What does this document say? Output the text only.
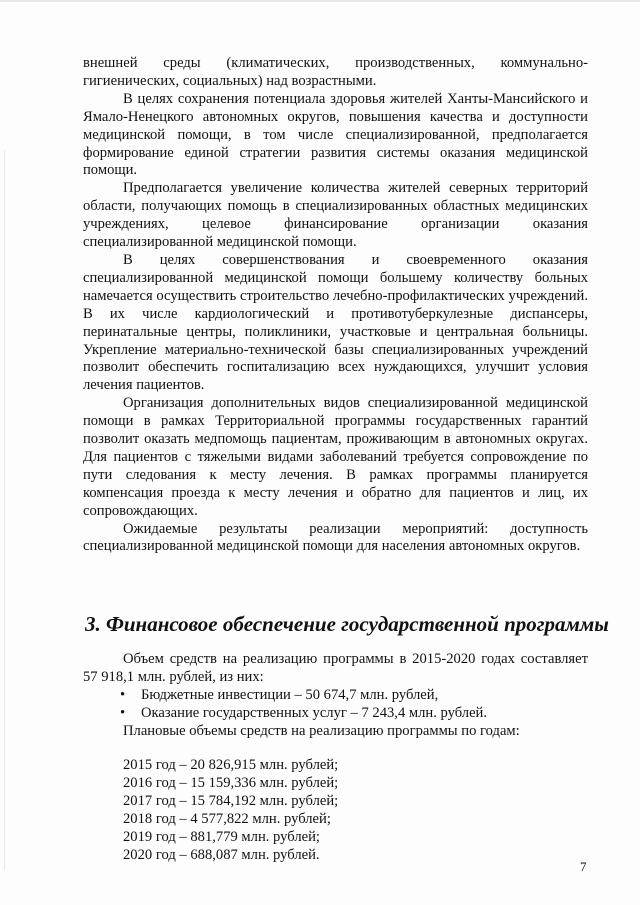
внешней среды (климатических, производственных, коммунально-гигиенических, социальных) над возрастными.

В целях сохранения потенциала здоровья жителей Ханты-Мансийского и Ямало-Ненецкого автономных округов, повышения качества и доступности медицинской помощи, в том числе специализированной, предполагается формирование единой стратегии развития системы оказания медицинской помощи.

Предполагается увеличение количества жителей северных территорий области, получающих помощь в специализированных областных медицинских учреждениях, целевое финансирование организации оказания специализированной медицинской помощи.

В целях совершенствования и своевременного оказания специализированной медицинской помощи большему количеству больных намечается осуществить строительство лечебно-профилактических учреждений. В их числе кардиологический и противотуберкулезные диспансеры, перинатальные центры, поликлиники, участковые и центральная больницы. Укрепление материально-технической базы специализированных учреждений позволит обеспечить госпитализацию всех нуждающихся, улучшит условия лечения пациентов.

Организация дополнительных видов специализированной медицинской помощи в рамках Территориальной программы государственных гарантий позволит оказать медпомощь пациентам, проживающим в автономных округах. Для пациентов с тяжелыми видами заболеваний требуется сопровождение по пути следования к месту лечения. В рамках программы планируется компенсация проезда к месту лечения и обратно для пациентов и лиц, их сопровождающих.

Ожидаемые результаты реализации мероприятий: доступность специализированной медицинской помощи для населения автономных округов.

3. Финансовое обеспечение государственной программы

Объем средств на реализацию программы в 2015-2020 годах составляет 57 918,1 млн. рублей, из них:

• Бюджетные инвестиции – 50 674,7 млн. рублей,
• Оказание государственных услуг – 7 243,4 млн. рублей.

Плановые объемы средств на реализацию программы по годам:

2015 год – 20 826,915 млн. рублей;
2016 год – 15 159,336 млн. рублей;
2017 год – 15 784,192 млн. рублей;
2018 год – 4 577,822 млн. рублей;
2019 год – 881,779 млн. рублей;
2020 год – 688,087 млн. рублей.
7
